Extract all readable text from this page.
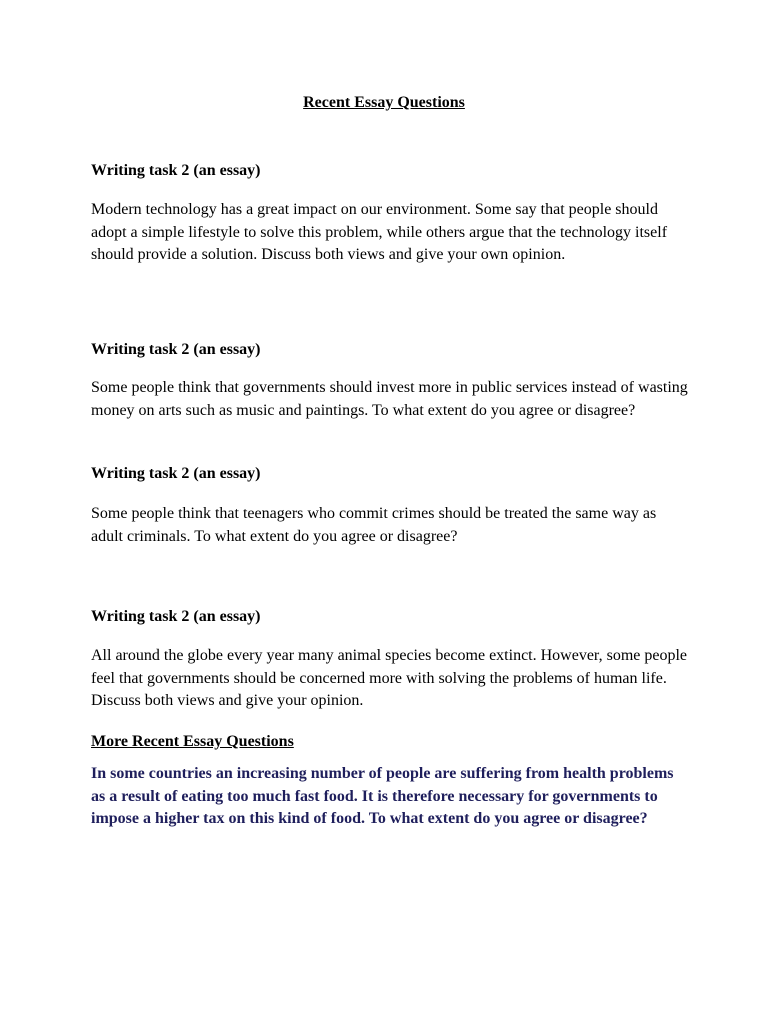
Recent Essay Questions
Writing task 2 (an essay)

Modern technology has a great impact on our environment. Some say that people should adopt a simple lifestyle to solve this problem, while others argue that the technology itself should provide a solution. Discuss both views and give your own opinion.

Writing task 2 (an essay)

Some people think that governments should invest more in public services instead of wasting money on arts such as music and paintings. To what extent do you agree or disagree?

Writing task 2 (an essay)

Some people think that teenagers who commit crimes should be treated the same way as adult criminals. To what extent do you agree or disagree?

Writing task 2 (an essay)

All around the globe every year many animal species become extinct. However, some people feel that governments should be concerned more with solving the problems of human life. Discuss both views and give your opinion.

More Recent Essay Questions

In some countries an increasing number of people are suffering from health problems as a result of eating too much fast food. It is therefore necessary for governments to impose a higher tax on this kind of food. To what extent do you agree or disagree?
